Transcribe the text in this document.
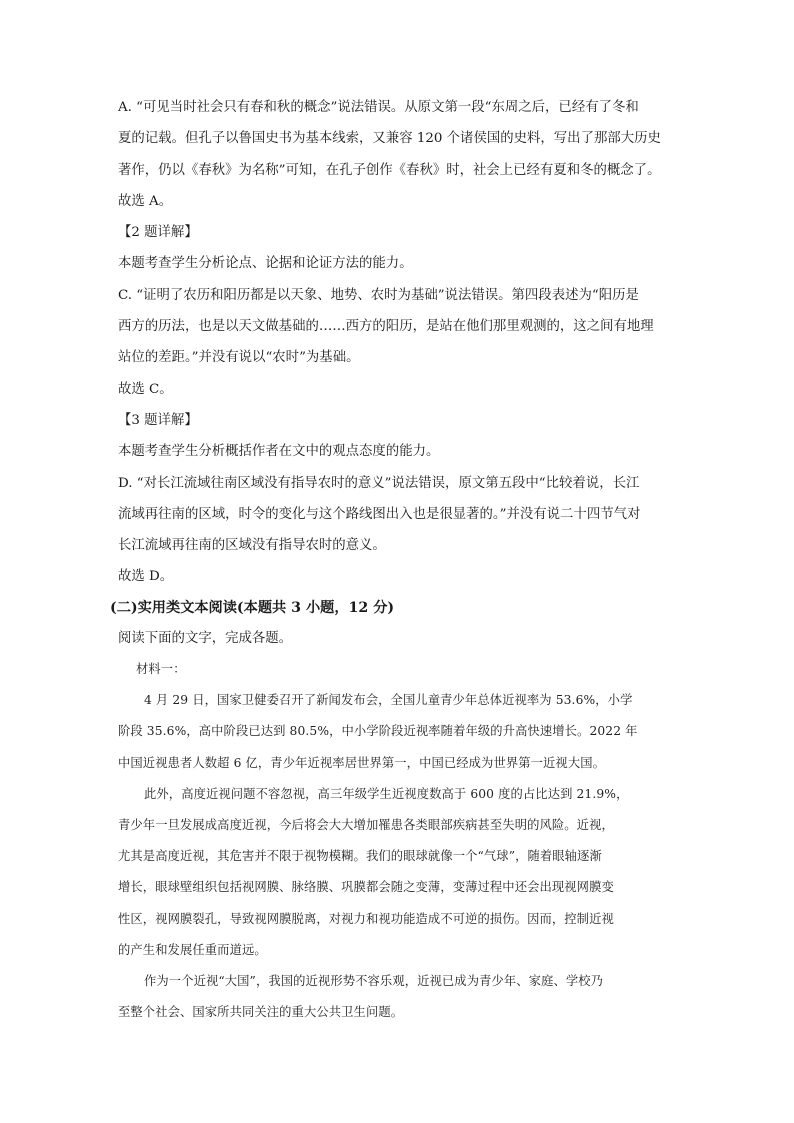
A. “可见当时社会只有春和秋的概念”说法错误。从原文第一段“东周之后，已经有了冬和

夏的记载。但孔子以鲁国史书为基本线索，又兼容 120 个诸侯国的史料，写出了那部大历史

著作，仍以《春秋》为名称”可知，在孔子创作《春秋》时，社会上已经有夏和冬的概念了。

故选 A。

【2 题详解】

本题考查学生分析论点、论据和论证方法的能力。

C. “证明了农历和阳历都是以天象、地势、农时为基础”说法错误。第四段表述为“阳历是

西方的历法，也是以天文做基础的……西方的阳历，是站在他们那里观测的，这之间有地理

站位的差距。”并没有说以“农时”为基础。

故选 C。

【3 题详解】

本题考查学生分析概括作者在文中的观点态度的能力。

D. “对长江流域往南区域没有指导农时的意义”说法错误，原文第五段中“比较着说，长江

流域再往南的区域，时令的变化与这个路线图出入也是很显著的。”并没有说二十四节气对

长江流域再往南的区域没有指导农时的意义。

故选 D。

(二)实用类文本阅读(本题共 3 小题，12 分)

阅读下面的文字，完成各题。

材料一：

4 月 29 日，国家卫健委召开了新闻发布会，全国儿童青少年总体近视率为 53.6%，小学

阶段 35.6%，高中阶段已达到 80.5%，中小学阶段近视率随着年级的升高快速增长。2022 年

中国近视患者人数超 6 亿，青少年近视率居世界第一，中国已经成为世界第一近视大国。

此外，高度近视问题不容忽视，高三年级学生近视度数高于 600 度的占比达到 21.9%，

青少年一旦发展成高度近视，今后将会大大增加罹患各类眼部疾病甚至失明的风险。近视，

尤其是高度近视，其危害并不限于视物模糊。我们的眼球就像一个“气球”，随着眼轴逐渐

增长，眼球壁组织包括视网膜、脉络膜、巩膜都会随之变薄，变薄过程中还会出现视网膜变

性区，视网膜裂孔，导致视网膜脱离，对视力和视功能造成不可逆的损伤。因而，控制近视

的产生和发展任重而道远。

作为一个近视“大国”，我国的近视形势不容乐观，近视已成为青少年、家庭、学校乃

至整个社会、国家所共同关注的重大公共卫生问题。
